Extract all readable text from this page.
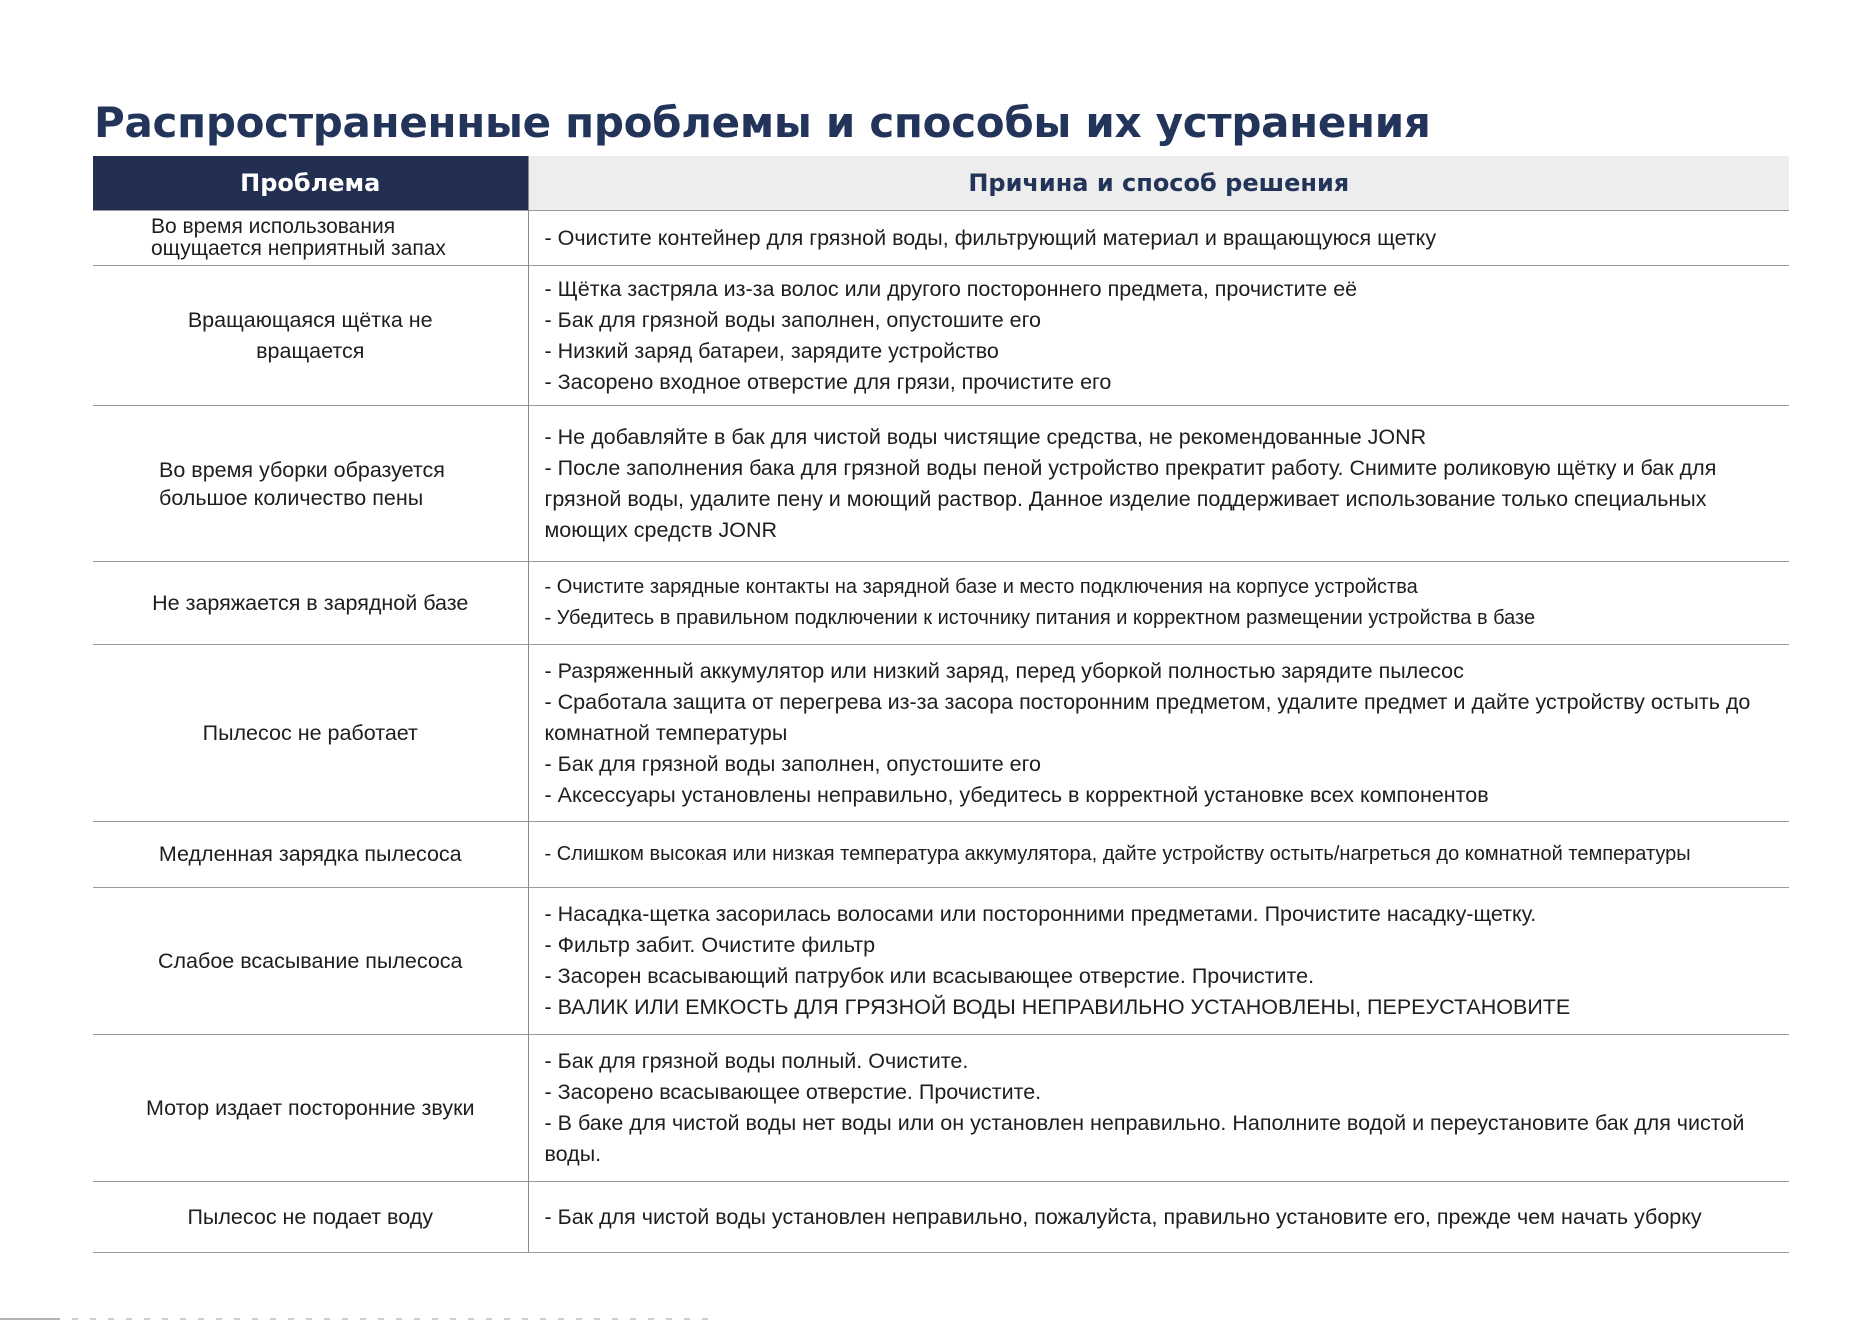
Распространенные проблемы и способы их устранения
Проблема	Причина и способ решения

Во время использования
ощущается неприятный запах	- Очистите контейнер для грязной воды, фильтрующий материал и вращающуюся щетку

Вращающаяся щётка не вращается	- Щётка застряла из-за волос или другого постороннего предмета, прочистите её
- Бак для грязной воды заполнен, опустошите его
- Низкий заряд батареи, зарядите устройство
- Засорено входное отверстие для грязи, прочистите его

Во время уборки образуется
большое количество пены	- Не добавляйте в бак для чистой воды чистящие средства, не рекомендованные JONR
- После заполнения бака для грязной воды пеной устройство прекратит работу. Снимите роликовую щётку и бак для грязной воды, удалите пену и моющий раствор. Данное изделие поддерживает использование только специальных моющих средств JONR

Не заряжается в зарядной базе	- Очистите зарядные контакты на зарядной базе и место подключения на корпусе устройства
- Убедитесь в правильном подключении к источнику питания и корректном размещении устройства в базе

Пылесос не работает	- Разряженный аккумулятор или низкий заряд, перед уборкой полностью зарядите пылесос
- Сработала защита от перегрева из-за засора посторонним предметом, удалите предмет и дайте устройству остыть до комнатной температуры
- Бак для грязной воды заполнен, опустошите его
- Аксессуары установлены неправильно, убедитесь в корректной установке всех компонентов

Медленная зарядка пылесоса	- Слишком высокая или низкая температура аккумулятора, дайте устройству остыть/нагреться до комнатной температуры

Слабое всасывание пылесоса	- Насадка-щетка засорилась волосами или посторонними предметами. Прочистите насадку-щетку.
- Фильтр забит. Очистите фильтр
- Засорен всасывающий патрубок или всасывающее отверстие. Прочистите.
- ВАЛИК ИЛИ ЕМКОСТЬ ДЛЯ ГРЯЗНОЙ ВОДЫ НЕПРАВИЛЬНО УСТАНОВЛЕНЫ, ПЕРЕУСТАНОВИТЕ

Мотор издает посторонние звуки	- Бак для грязной воды полный. Очистите.
- Засорено всасывающее отверстие. Прочистите.
- В баке для чистой воды нет воды или он установлен неправильно. Наполните водой и переустановите бак для чистой воды.

Пылесос не подает воду	- Бак для чистой воды установлен неправильно, пожалуйста, правильно установите его, прежде чем начать уборку
